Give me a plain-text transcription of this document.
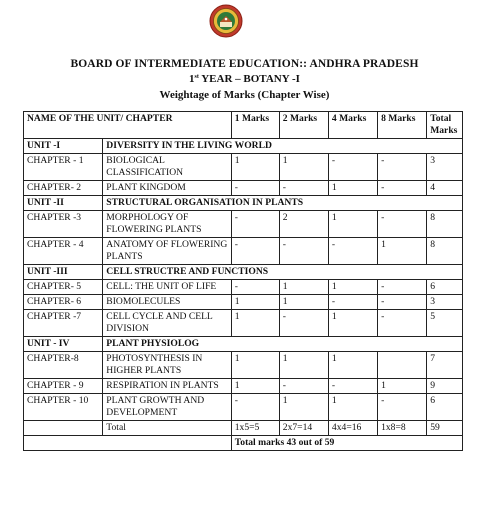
BOARD OF INTERMEDIATE EDUCATION:: ANDHRA PRADESH
1st YEAR – BOTANY -I
Weightage of Marks (Chapter Wise)
NAME OF THE UNIT/ CHAPTER		1 Marks	2 Marks	4 Marks	8 Marks	Total Marks
UNIT -I	DIVERSITY IN THE LIVING WORLD					
CHAPTER - 1	BIOLOGICAL CLASSIFICATION	1	1	-	-	3
CHAPTER- 2	PLANT KINGDOM	-	-	1	-	4
UNIT -II	STRUCTURAL ORGANISATION IN PLANTS					
CHAPTER -3	MORPHOLOGY OF FLOWERING PLANTS	-	2	1	-	8
CHAPTER - 4	ANATOMY OF FLOWERING PLANTS	-	-	-	1	8
UNIT -III	CELL STRUCTRE AND FUNCTIONS					
CHAPTER- 5	CELL: THE UNIT OF LIFE	-	1	1	-	6
CHAPTER- 6	BIOMOLECULES	1	1	-	-	3
CHAPTER -7	CELL CYCLE AND CELL DIVISION	1	-	1	-	5
UNIT - IV	PLANT PHYSIOLOG					
CHAPTER-8	PHOTOSYNTHESIS IN HIGHER PLANTS	1	1	1		7
CHAPTER - 9	RESPIRATION IN PLANTS	1	-	-	1	9
CHAPTER - 10	PLANT GROWTH AND DEVELOPMENT	-	1	1	-	6
	Total	1x5=5	2x7=14	4x4=16	1x8=8	59
		Total marks 43 out of 59				
